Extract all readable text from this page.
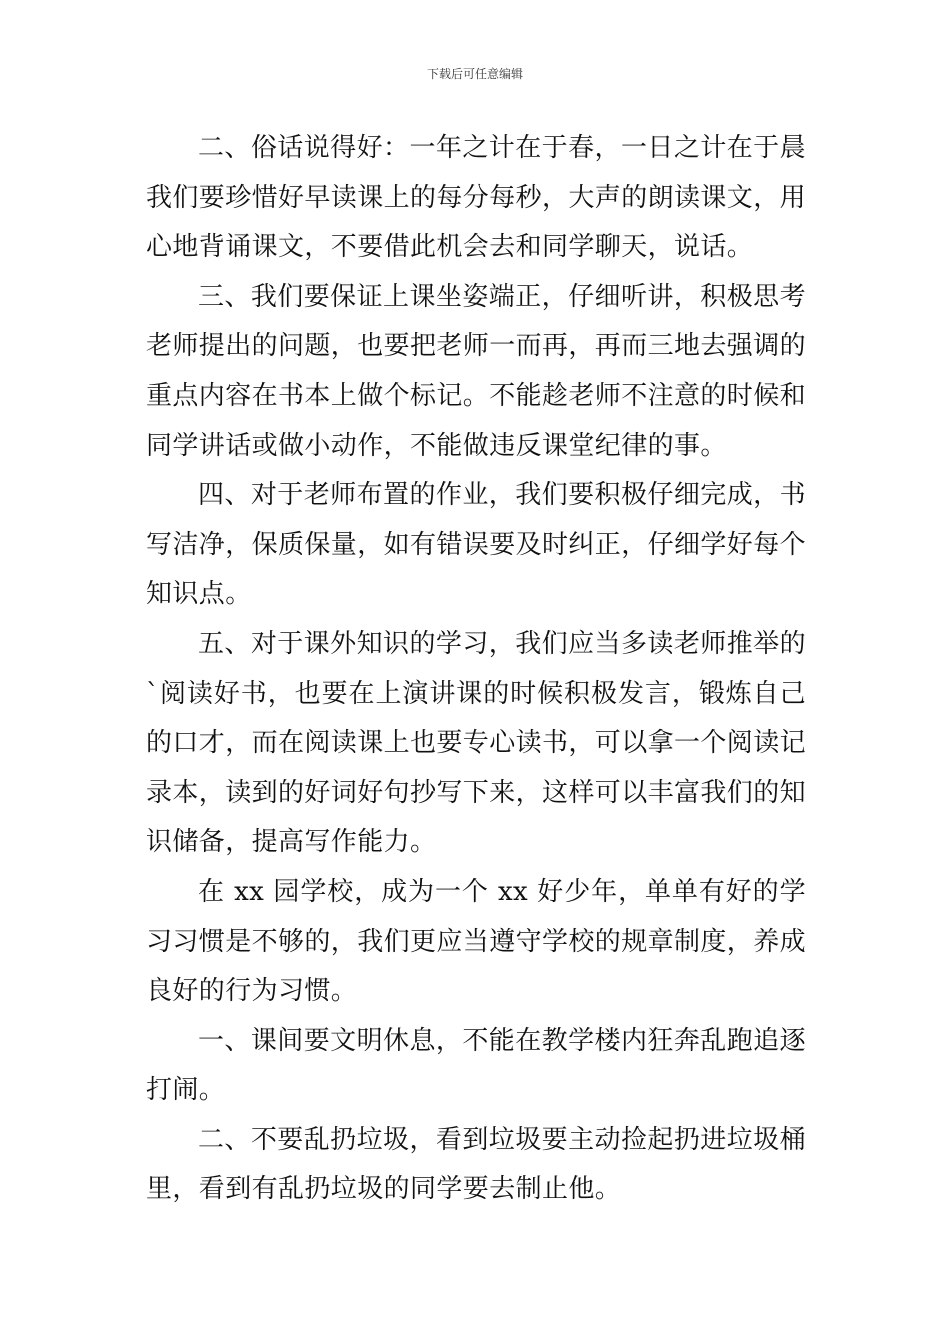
下载后可任意编辑

二、俗话说得好：一年之计在于春，一日之计在于晨我们要珍惜好早读课上的每分每秒，大声的朗读课文，用心地背诵课文，不要借此机会去和同学聊天，说话。

三、我们要保证上课坐姿端正，仔细听讲，积极思考老师提出的问题，也要把老师一而再，再而三地去强调的重点内容在书本上做个标记。不能趁老师不注意的时候和同学讲话或做小动作，不能做违反课堂纪律的事。

四、对于老师布置的作业，我们要积极仔细完成，书写洁净，保质保量，如有错误要及时纠正，仔细学好每个知识点。

五、对于课外知识的学习，我们应当多读老师推举的`阅读好书，也要在上演讲课的时候积极发言，锻炼自己的口才，而在阅读课上也要专心读书，可以拿一个阅读记录本，读到的好词好句抄写下来，这样可以丰富我们的知识储备，提高写作能力。

在 xx 园学校，成为一个 xx 好少年，单单有好的学习习惯是不够的，我们更应当遵守学校的规章制度，养成良好的行为习惯。

一、课间要文明休息，不能在教学楼内狂奔乱跑追逐打闹。

二、不要乱扔垃圾，看到垃圾要主动捡起扔进垃圾桶里，看到有乱扔垃圾的同学要去制止他。
